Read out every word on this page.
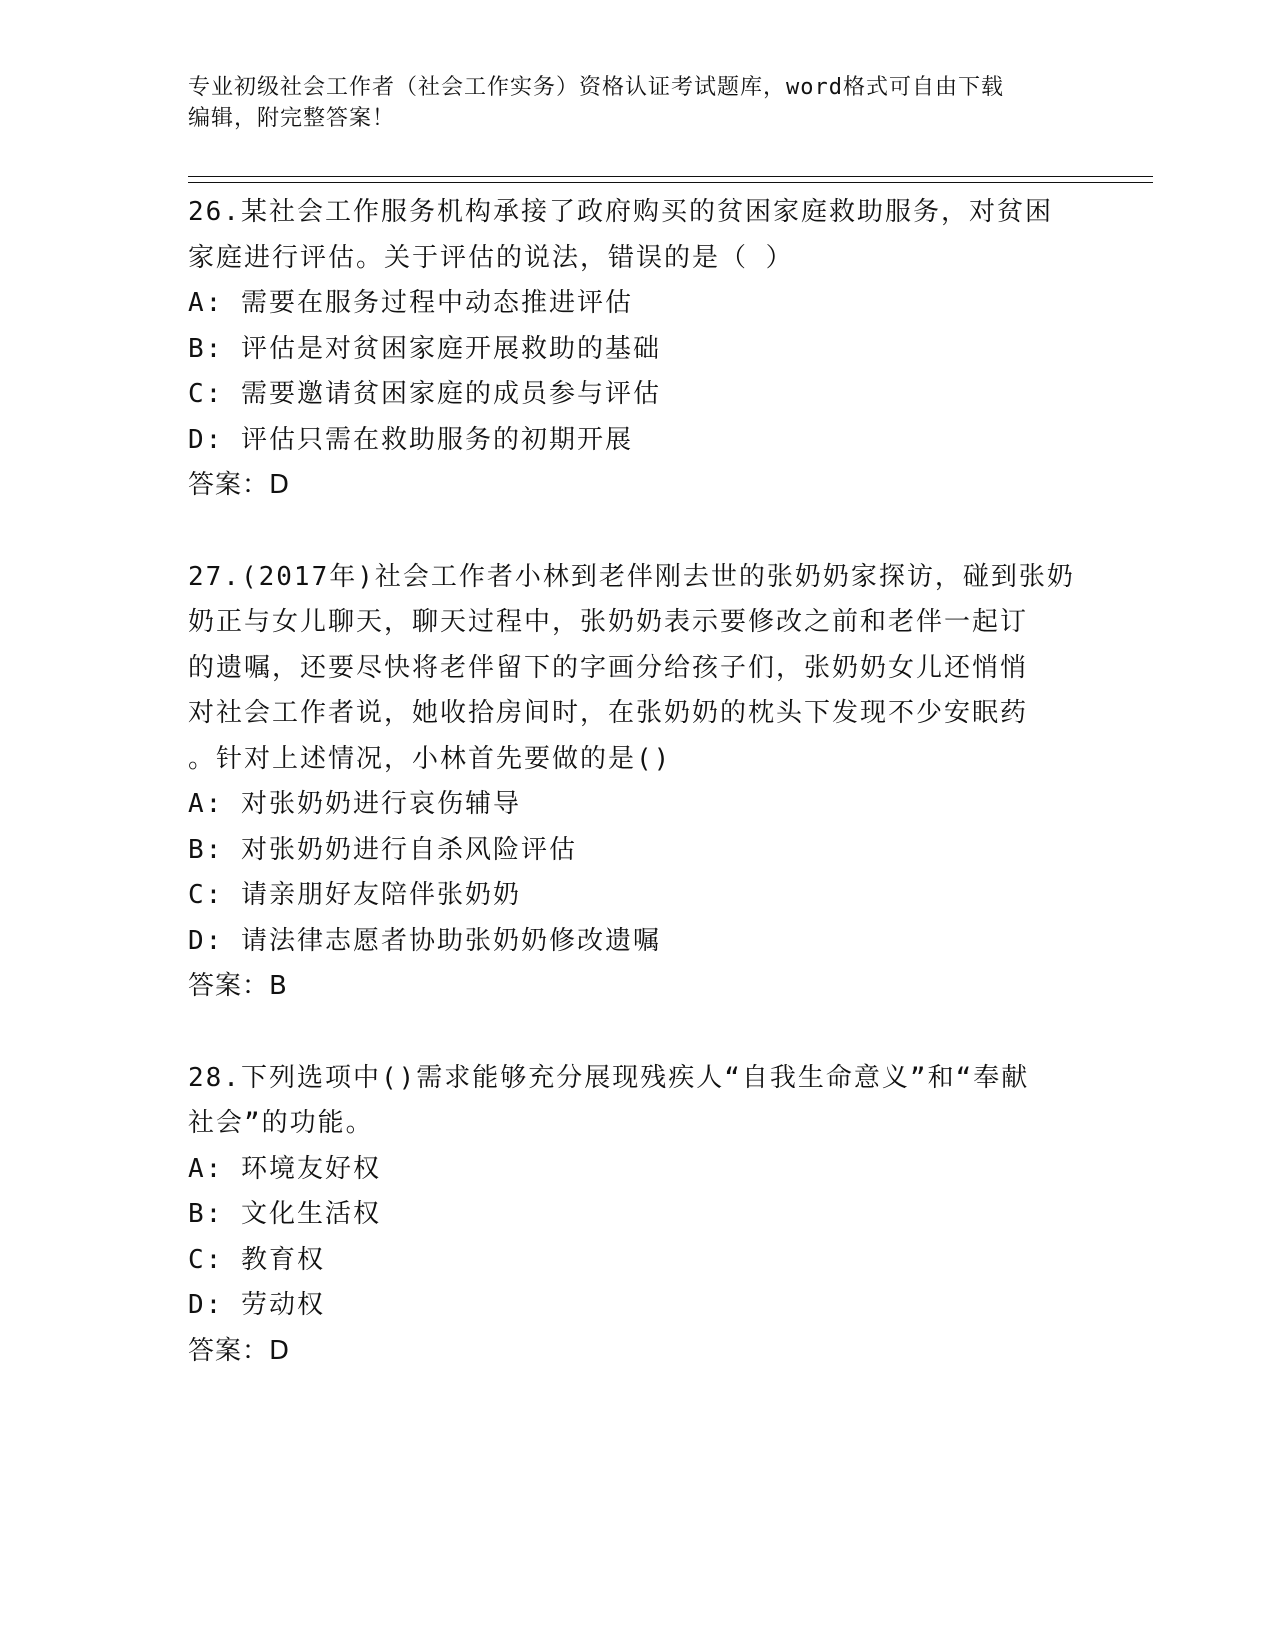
专业初级社会工作者（社会工作实务）资格认证考试题库，word格式可自由下载
编辑，附完整答案！
26.某社会工作服务机构承接了政府购买的贫困家庭救助服务，对贫困
家庭进行评估。关于评估的说法，错误的是（ ）
A: 需要在服务过程中动态推进评估
B: 评估是对贫困家庭开展救助的基础
C: 需要邀请贫困家庭的成员参与评估
D: 评估只需在救助服务的初期开展
答案：D
27.(2017年)社会工作者小林到老伴刚去世的张奶奶家探访，碰到张奶
奶正与女儿聊天，聊天过程中，张奶奶表示要修改之前和老伴一起订
的遗嘱，还要尽快将老伴留下的字画分给孩子们，张奶奶女儿还悄悄
对社会工作者说，她收拾房间时，在张奶奶的枕头下发现不少安眠药
。针对上述情况，小林首先要做的是()
A: 对张奶奶进行哀伤辅导
B: 对张奶奶进行自杀风险评估
C: 请亲朋好友陪伴张奶奶
D: 请法律志愿者协助张奶奶修改遗嘱
答案：B
28.下列选项中()需求能够充分展现残疾人“自我生命意义”和“奉献
社会”的功能。
A: 环境友好权
B: 文化生活权
C: 教育权
D: 劳动权
答案：D
